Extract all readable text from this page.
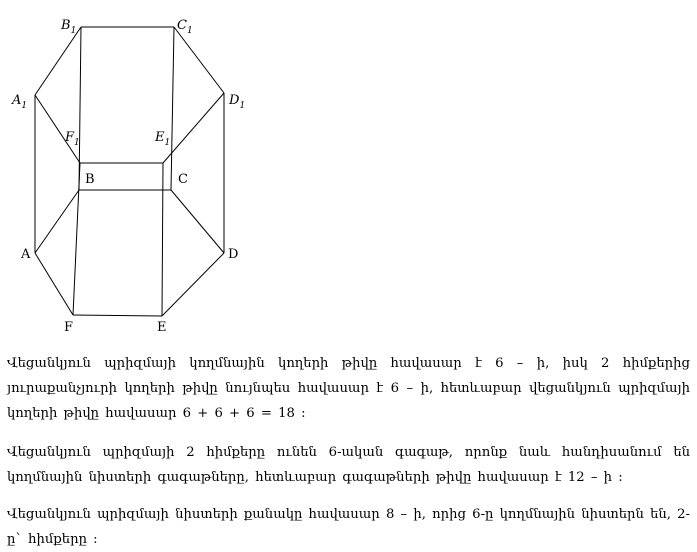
$B_1$	$C_1$
$A_1$	$D_1$
$F_1$	$E_1$
B	C
A	D
F	E

Վեցանկյուն պրիզմայի կողմնային կողերի թիվը հավասար է 6 – ի, իսկ 2 հիմքերից յուրաքանչյուրի կողերի թիվը նույնպես հավասար է 6 – ի, հետևաբար վեցանկյուն պրիզմայի կողերի թիվը հավասար 6 + 6 + 6 = 18 :

Վեցանկյուն պրիզմայի 2 հիմքերը ունեն 6-ական գագաթ, որոնք նաև հանդիսանում են կողմնային նիստերի գագաթները, հետևաբար գագաթների թիվը հավասար է 12 – ի :

Վեցանկյուն պրիզմայի նիստերի քանակը հավասար 8 – ի, որից 6-ը կողմնային նիստերն են, 2-ը` հիմքերը :
